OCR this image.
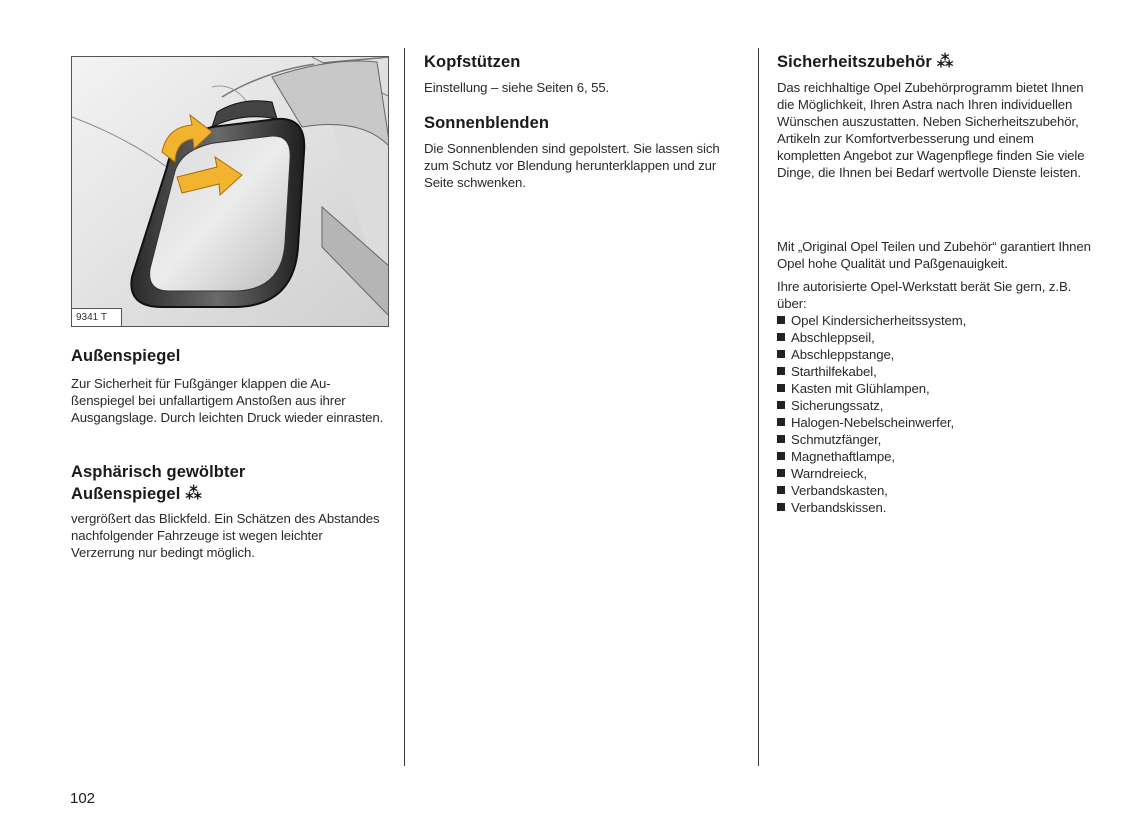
9341 T
Außenspiegel

Zur Sicherheit für Fußgänger klappen die Außenspiegel bei unfallartigem Anstoßen aus ihrer Ausgangslage. Durch leichten Druck wieder einrasten.

Asphärisch gewölbter
Außenspiegel ⁂

vergrößert das Blickfeld. Ein Schätzen des Abstandes nachfolgender Fahrzeuge ist wegen leichter Verzerrung nur bedingt möglich.

Kopfstützen

Einstellung – siehe Seiten 6, 55.

Sonnenblenden

Die Sonnenblenden sind gepolstert. Sie lassen sich zum Schutz vor Blendung herunterklappen und zur Seite schwenken.

Sicherheitszubehör ⁂

Das reichhaltige Opel Zubehörprogramm bietet Ihnen die Möglichkeit, Ihren Astra nach Ihren individuellen Wünschen auszustatten. Neben Sicherheitszubehör, Artikeln zur Komfortverbesserung und einem kompletten Angebot zur Wagenpflege finden Sie viele Dinge, die Ihnen bei Bedarf wertvolle Dienste leisten.

Mit „Original Opel Teilen und Zubehör“ garantiert Ihnen Opel hohe Qualität und Paßgenauigkeit.

Ihre autorisierte Opel-Werkstatt berät Sie gern, z.B. über:

Opel Kindersicherheitssystem,
Abschleppseil,
Abschleppstange,
Starthilfekabel,
Kasten mit Glühlampen,
Sicherungssatz,
Halogen-Nebelscheinwerfer,
Schmutzfänger,
Magnethaftlampe,
Warndreieck,
Verbandskasten,
Verbandskissen.
102
